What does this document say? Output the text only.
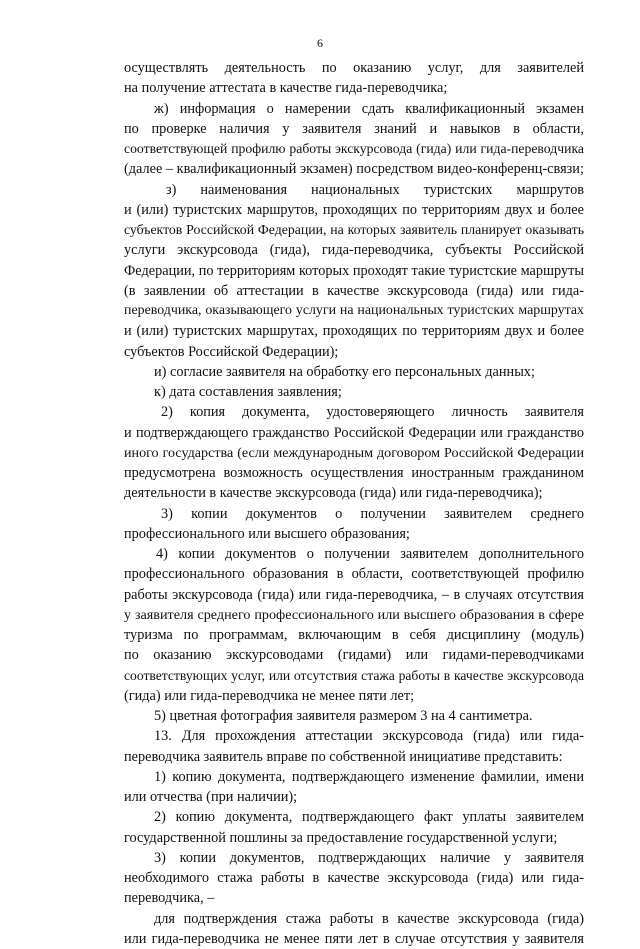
6
осуществлять деятельность по оказанию услуг, для заявителей
на получение аттестата в качестве гида-переводчика;
ж) информация о намерении сдать квалификационный экзамен
по проверке наличия у заявителя знаний и навыков в области,
соответствующей профилю работы экскурсовода (гида) или гида-переводчика
(далее – квалификационный экзамен) посредством видео-конференц-связи;
з) наименования национальных туристских маршрутов
и (или) туристских маршрутов, проходящих по территориям двух и более
субъектов Российской Федерации, на которых заявитель планирует оказывать
услуги экскурсовода (гида), гида-переводчика, субъекты Российской
Федерации, по территориям которых проходят такие туристские маршруты
(в заявлении об аттестации в качестве экскурсовода (гида) или гида-
переводчика, оказывающего услуги на национальных туристских маршрутах
и (или) туристских маршрутах, проходящих по территориям двух и более
субъектов Российской Федерации);
и) согласие заявителя на обработку его персональных данных;
к) дата составления заявления;
2) копия документа, удостоверяющего личность заявителя
и подтверждающего гражданство Российской Федерации или гражданство
иного государства (если международным договором Российской Федерации
предусмотрена возможность осуществления иностранным гражданином
деятельности в качестве экскурсовода (гида) или гида-переводчика);
3) копии документов о получении заявителем среднего
профессионального или высшего образования;
4) копии документов о получении заявителем дополнительного
профессионального образования в области, соответствующей профилю
работы экскурсовода (гида) или гида-переводчика, – в случаях отсутствия
у заявителя среднего профессионального или высшего образования в сфере
туризма по программам, включающим в себя дисциплину (модуль)
по оказанию экскурсоводами (гидами) или гидами-переводчиками
соответствующих услуг, или отсутствия стажа работы в качестве экскурсовода
(гида) или гида-переводчика не менее пяти лет;
5) цветная фотография заявителя размером 3 на 4 сантиметра.
13. Для прохождения аттестации экскурсовода (гида) или гида-
переводчика заявитель вправе по собственной инициативе представить:
1) копию документа, подтверждающего изменение фамилии, имени
или отчества (при наличии);
2) копию документа, подтверждающего факт уплаты заявителем
государственной пошлины за предоставление государственной услуги;
3) копии документов, подтверждающих наличие у заявителя
необходимого стажа работы в качестве экскурсовода (гида) или гида-
переводчика, –
для подтверждения стажа работы в качестве экскурсовода (гида)
или гида-переводчика не менее пяти лет в случае отсутствия у заявителя
